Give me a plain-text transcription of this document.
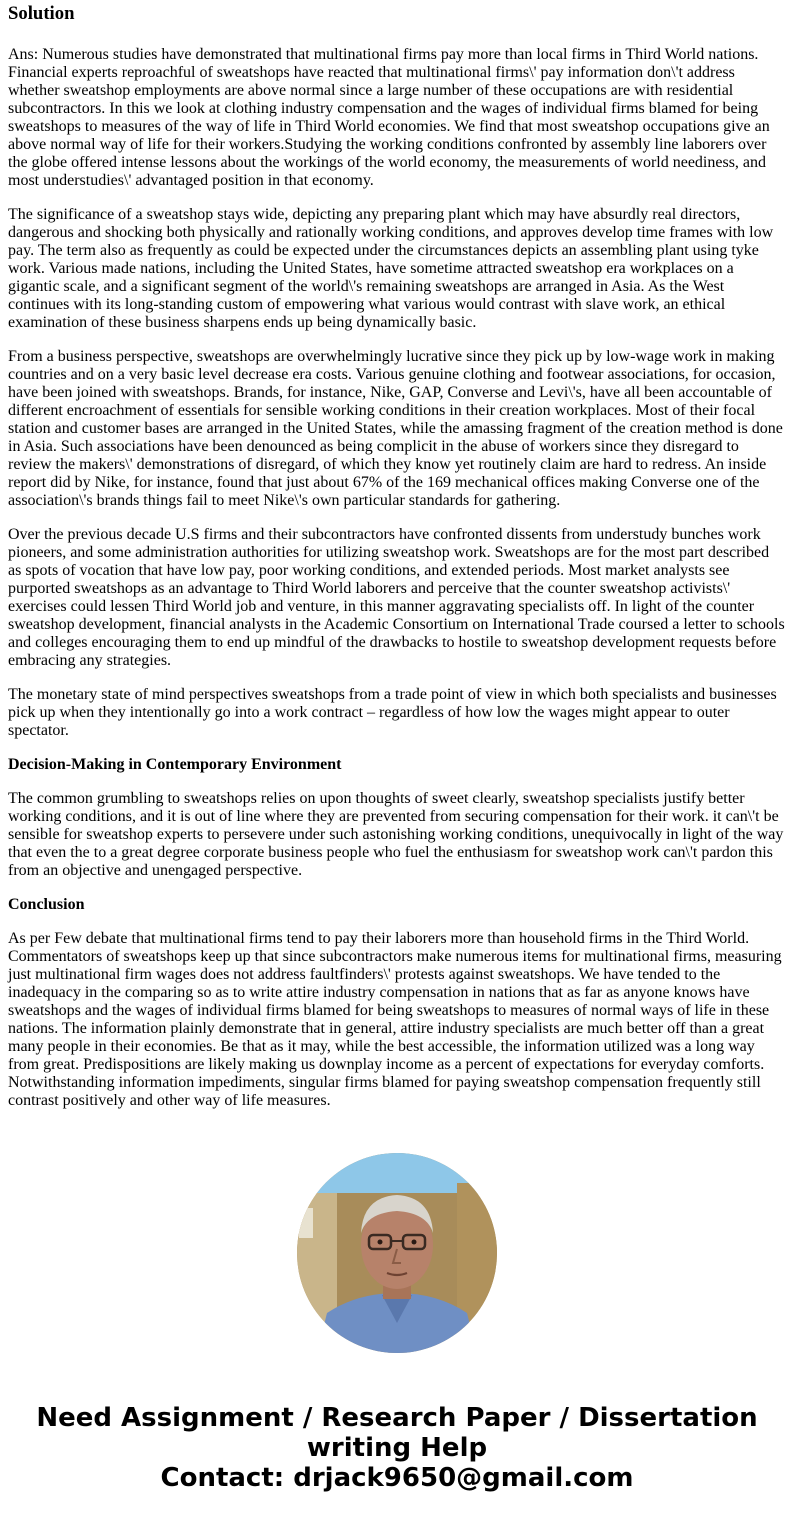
Solution

Ans: Numerous studies have demonstrated that multinational firms pay more than local firms in Third World nations. Financial experts reproachful of sweatshops have reacted that multinational firms\' pay information don\'t address whether sweatshop employments are above normal since a large number of these occupations are with residential subcontractors. In this we look at clothing industry compensation and the wages of individual firms blamed for being sweatshops to measures of the way of life in Third World economies. We find that most sweatshop occupations give an above normal way of life for their workers.Studying the working conditions confronted by assembly line laborers over the globe offered intense lessons about the workings of the world economy, the measurements of world neediness, and most understudies\' advantaged position in that economy.

The significance of a sweatshop stays wide, depicting any preparing plant which may have absurdly real directors, dangerous and shocking both physically and rationally working conditions, and approves develop time frames with low pay. The term also as frequently as could be expected under the circumstances depicts an assembling plant using tyke work. Various made nations, including the United States, have sometime attracted sweatshop era workplaces on a gigantic scale, and a significant segment of the world\'s remaining sweatshops are arranged in Asia. As the West continues with its long-standing custom of empowering what various would contrast with slave work, an ethical examination of these business sharpens ends up being dynamically basic.

From a business perspective, sweatshops are overwhelmingly lucrative since they pick up by low-wage work in making countries and on a very basic level decrease era costs. Various genuine clothing and footwear associations, for occasion, have been joined with sweatshops. Brands, for instance, Nike, GAP, Converse and Levi\'s, have all been accountable of different encroachment of essentials for sensible working conditions in their creation workplaces. Most of their focal station and customer bases are arranged in the United States, while the amassing fragment of the creation method is done in Asia. Such associations have been denounced as being complicit in the abuse of workers since they disregard to review the makers\' demonstrations of disregard, of which they know yet routinely claim are hard to redress. An inside report did by Nike, for instance, found that just about 67% of the 169 mechanical offices making Converse one of the association\'s brands things fail to meet Nike\'s own particular standards for gathering.

Over the previous decade U.S firms and their subcontractors have confronted dissents from understudy bunches work pioneers, and some administration authorities for utilizing sweatshop work. Sweatshops are for the most part described as spots of vocation that have low pay, poor working conditions, and extended periods. Most market analysts see purported sweatshops as an advantage to Third World laborers and perceive that the counter sweatshop activists\' exercises could lessen Third World job and venture, in this manner aggravating specialists off. In light of the counter sweatshop development, financial analysts in the Academic Consortium on International Trade coursed a letter to schools and colleges encouraging them to end up mindful of the drawbacks to hostile to sweatshop development requests before embracing any strategies.

The monetary state of mind perspectives sweatshops from a trade point of view in which both specialists and businesses pick up when they intentionally go into a work contract – regardless of how low the wages might appear to outer spectator.

Decision-Making in Contemporary Environment

The common grumbling to sweatshops relies on upon thoughts of sweet clearly, sweatshop specialists justify better working conditions, and it is out of line where they are prevented from securing compensation for their work. it can\'t be sensible for sweatshop experts to persevere under such astonishing working conditions, unequivocally in light of the way that even the to a great degree corporate business people who fuel the enthusiasm for sweatshop work can\'t pardon this from an objective and unengaged perspective.

Conclusion

As per Few debate that multinational firms tend to pay their laborers more than household firms in the Third World. Commentators of sweatshops keep up that since subcontractors make numerous items for multinational firms, measuring just multinational firm wages does not address faultfinders\' protests against sweatshops. We have tended to the inadequacy in the comparing so as to write attire industry compensation in nations that as far as anyone knows have sweatshops and the wages of individual firms blamed for being sweatshops to measures of normal ways of life in these nations. The information plainly demonstrate that in general, attire industry specialists are much better off than a great many people in their economies. Be that as it may, while the best accessible, the information utilized was a long way from great. Predispositions are likely making us downplay income as a percent of expectations for everyday comforts. Notwithstanding information impediments, singular firms blamed for paying sweatshop compensation frequently still contrast positively and other way of life measures.

Need Assignment / Research Paper / Dissertation writing Help
Contact: drjack9650@gmail.com
